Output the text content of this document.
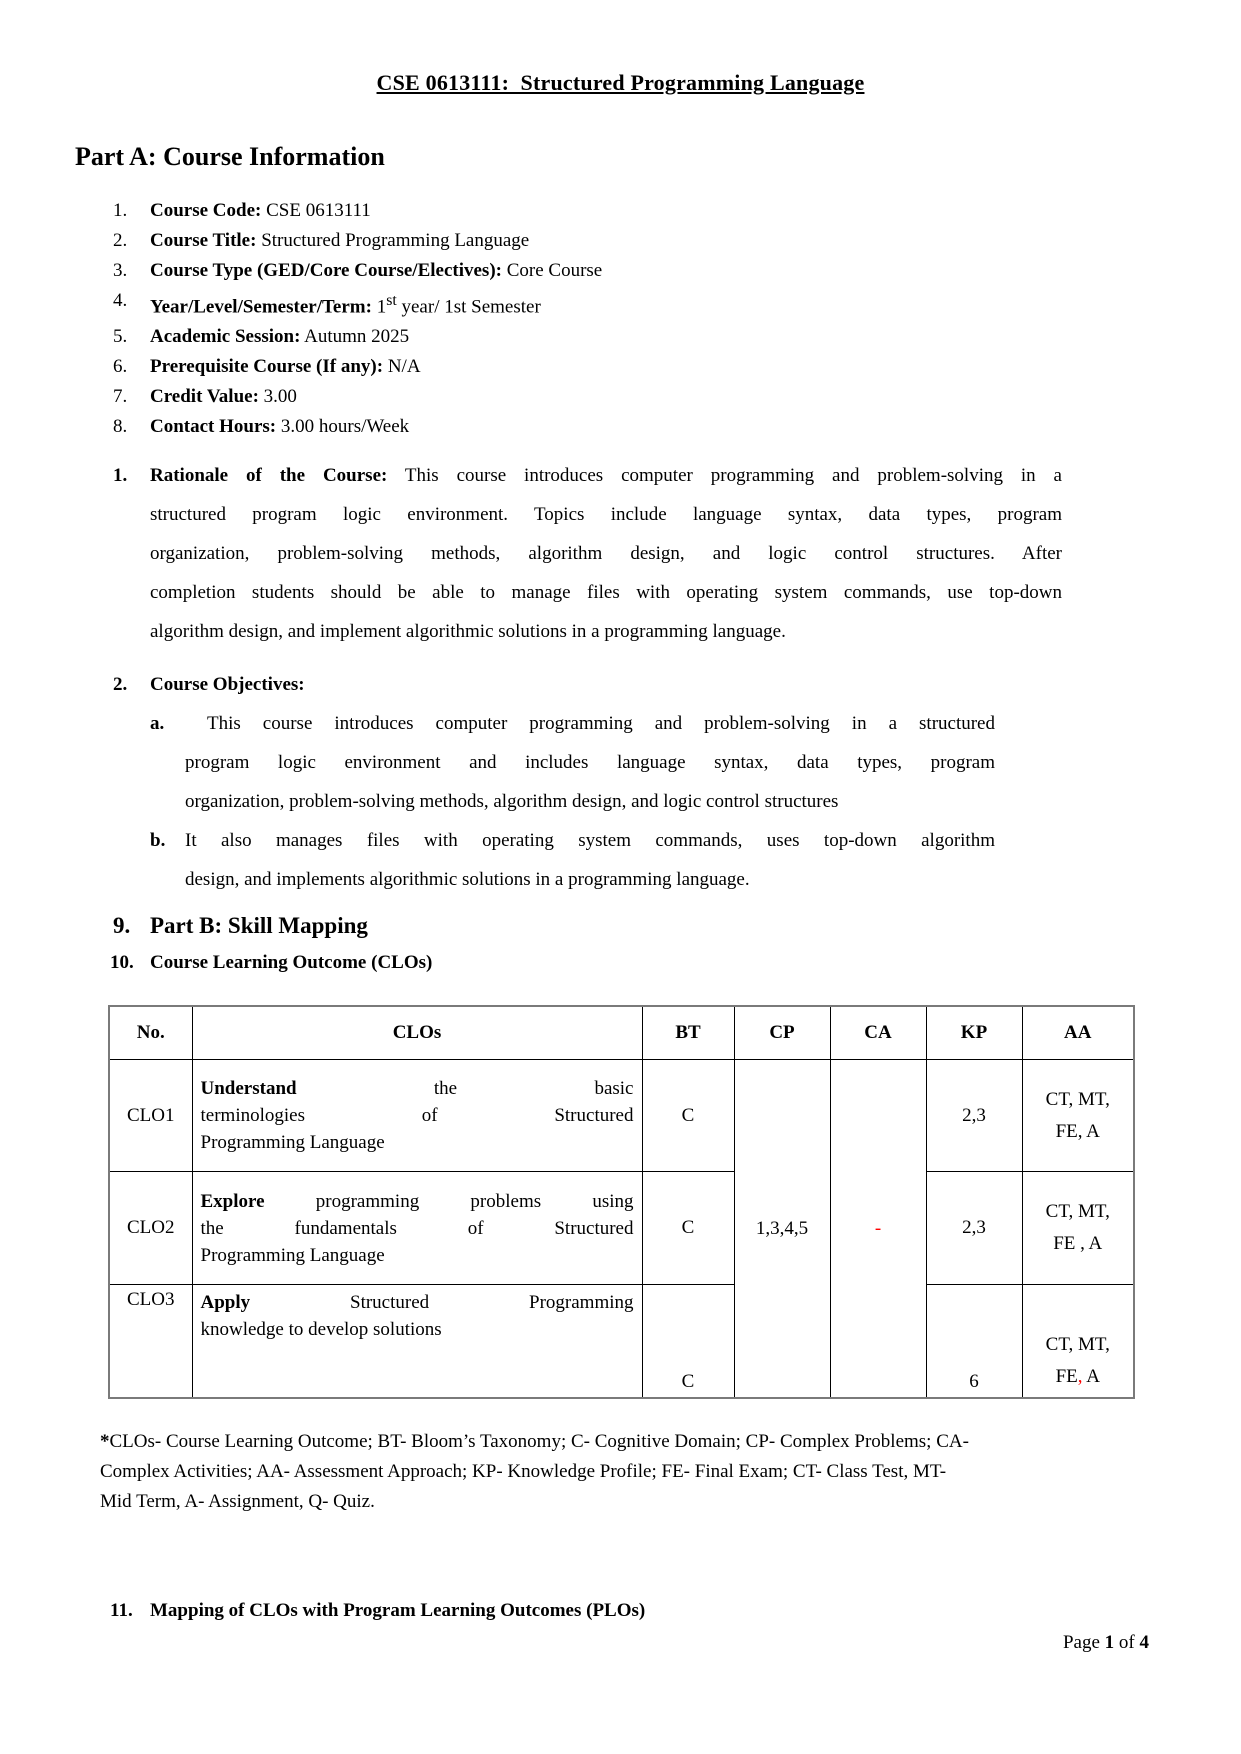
CSE 0613111:  Structured Programming Language
Part A: Course Information
1. Course Code: CSE 0613111
2. Course Title: Structured Programming Language
3. Course Type (GED/Core Course/Electives): Core Course
4. Year/Level/Semester/Term: 1st year/ 1st Semester
5. Academic Session: Autumn 2025
6. Prerequisite Course (If any): N/A
7. Credit Value: 3.00
8. Contact Hours: 3.00 hours/Week
1. Rationale of the Course: This course introduces computer programming and problem-solving in a
structured program logic environment. Topics include language syntax, data types, program
organization, problem-solving methods, algorithm design, and logic control structures. After
completion students should be able to manage files with operating system commands, use top-down
algorithm design, and implement algorithmic solutions in a programming language.
2. Course Objectives:
a. This course introduces computer programming and problem-solving in a structured
program logic environment and includes language syntax, data types, program
organization, problem-solving methods, algorithm design, and logic control structures
b. It also manages files with operating system commands, uses top-down algorithm
design, and implements algorithmic solutions in a programming language.
9. Part B: Skill Mapping
10. Course Learning Outcome (CLOs)
No.	CLOs	BT	CP	CA	KP	AA
CLO1	Understand the basic
terminologies of Structured
Programming Language	C	1,3,4,5	-	2,3	CT, MT,
FE, A
CLO2	Explore programming problems using
the fundamentals of Structured
Programming Language	C			2,3	CT, MT,
FE , A
CLO3	Apply Structured Programming
knowledge to develop solutions	C			6	CT, MT,
FE, A
*CLOs- Course Learning Outcome; BT- Bloom’s Taxonomy; C- Cognitive Domain; CP- Complex Problems; CA-
Complex Activities; AA- Assessment Approach; KP- Knowledge Profile; FE- Final Exam; CT- Class Test, MT-
Mid Term, A- Assignment, Q- Quiz.
11. Mapping of CLOs with Program Learning Outcomes (PLOs)
Page 1 of 4
